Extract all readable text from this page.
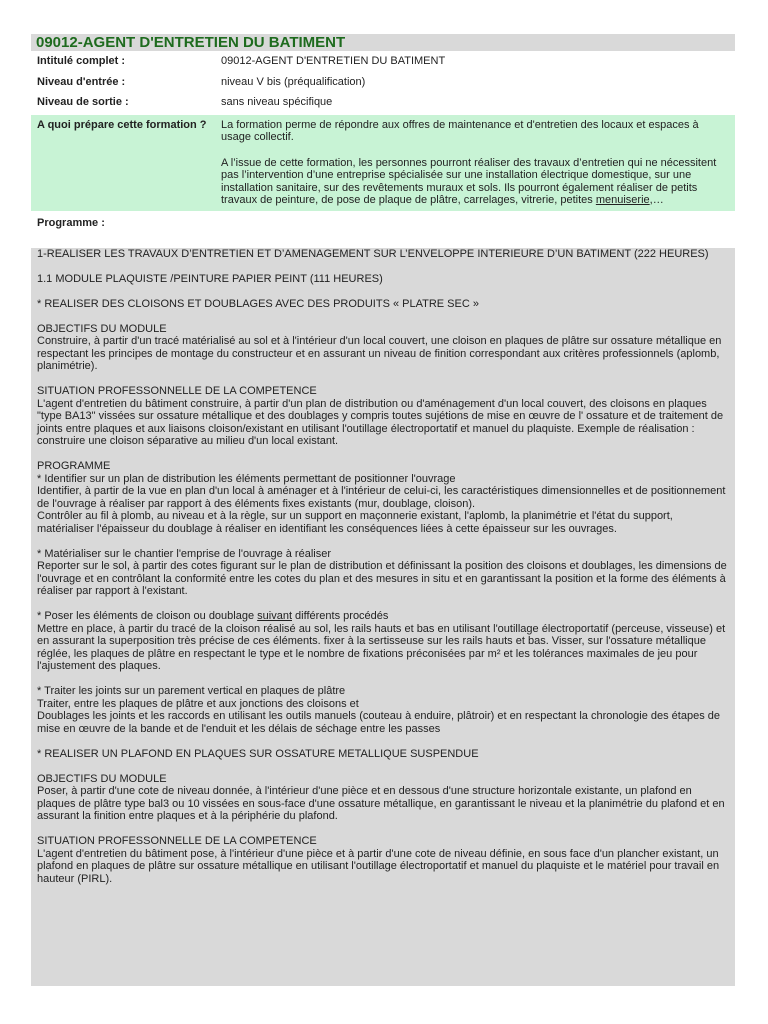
09012-AGENT D'ENTRETIEN DU BATIMENT
Intitulé complet :	09012-AGENT D'ENTRETIEN DU BATIMENT
Niveau d'entrée :	niveau V bis (préqualification)
Niveau de sortie :	sans niveau spécifique
A quoi prépare cette formation ?	La formation perme de répondre aux offres de maintenance et d'entretien des locaux et espaces à usage collectif.

A l’issue de cette formation, les personnes pourront réaliser des travaux d’entretien qui ne nécessitent pas l’intervention d’une entreprise spécialisée sur une installation électrique domestique, sur une installation sanitaire, sur des revêtements muraux et sols. Ils pourront également réaliser de petits travaux de peinture, de pose de plaque de plâtre, carrelages, vitrerie, petites menuiserie,…

Programme :

1-REALISER LES TRAVAUX D’ENTRETIEN ET D’AMENAGEMENT SUR L’ENVELOPPE INTERIEURE D’UN BATIMENT (222 HEURES)

1.1 MODULE PLAQUISTE /PEINTURE PAPIER PEINT (111 HEURES)

* REALISER DES CLOISONS ET DOUBLAGES AVEC DES PRODUITS « PLATRE SEC »

OBJECTIFS DU MODULE
Construire, à partir d'un tracé matérialisé au sol et à l'intérieur d'un local couvert, une cloison en plaques de plâtre sur ossature métallique en respectant les principes de montage du constructeur et en assurant un niveau de finition correspondant aux critères professionnels (aplomb, planimétrie).

SITUATION PROFESSONNELLE DE LA COMPETENCE
L'agent d'entretien du bâtiment construire, à partir d'un plan de distribution ou d'aménagement d'un local couvert, des cloisons en plaques "type BA13" vissées sur ossature métallique et des doublages y compris toutes sujétions de mise en œuvre de l' ossature et de traitement de joints entre plaques et aux liaisons cloison/existant en utilisant l'outillage électroportatif et manuel du plaquiste. Exemple de réalisation : construire une cloison séparative au milieu d'un local existant.

PROGRAMME
* Identifier sur un plan de distribution les éléments permettant de positionner l'ouvrage
Identifier, à partir de la vue en plan d'un local à aménager et à l'intérieur de celui-ci, les caractéristiques dimensionnelles et de positionnement de l'ouvrage à réaliser par rapport à des éléments fixes existants (mur, doublage, cloison).
Contrôler au fil à plomb, au niveau et à la règle, sur un support en maçonnerie existant, l'aplomb, la planimétrie et l'état du support, matérialiser l'épaisseur du doublage à réaliser en identifiant les conséquences liées à cette épaisseur sur les ouvrages.

* Matérialiser sur le chantier l'emprise de l'ouvrage à réaliser
Reporter sur le sol, à partir des cotes figurant sur le plan de distribution et définissant la position des cloisons et doublages, les dimensions de l'ouvrage et en contrôlant la conformité entre les cotes du plan et des mesures in situ et en garantissant la position et la forme des éléments à réaliser par rapport à l'existant.

* Poser les éléments de cloison ou doublage suivant différents procédés
Mettre en place, à partir du tracé de la cloison réalisé au sol, les rails hauts et bas en utilisant l'outillage électroportatif (perceuse, visseuse) et en assurant la superposition très précise de ces éléments. fixer à la sertisseuse sur les rails hauts et bas. Visser, sur l'ossature métallique réglée, les plaques de plâtre en respectant le type et le nombre de fixations préconisées par m² et les tolérances maximales de jeu pour l'ajustement des plaques.

* Traiter les joints sur un parement vertical en plaques de plâtre
Traiter, entre les plaques de plâtre et aux jonctions des cloisons et
Doublages les joints et les raccords en utilisant les outils manuels (couteau à enduire, plâtroir) et en respectant la chronologie des étapes de mise en œuvre de la bande et de l'enduit et les délais de séchage entre les passes

* REALISER UN PLAFOND EN PLAQUES SUR OSSATURE METALLIQUE SUSPENDUE

OBJECTIFS DU MODULE
Poser, à partir d'une cote de niveau donnée, à l'intérieur d'une pièce et en dessous d'une structure horizontale existante, un plafond en plaques de plâtre type bal3 ou 10 vissées en sous-face d'une ossature métallique, en garantissant le niveau et la planimétrie du plafond et en assurant la finition entre plaques et à la périphérie du plafond.

SITUATION PROFESSONNELLE DE LA COMPETENCE
L'agent d'entretien du bâtiment pose, à l'intérieur d'une pièce et à partir d'une cote de niveau définie, en sous face d'un plancher existant, un plafond en plaques de plâtre sur ossature métallique en utilisant l'outillage électroportatif et manuel du plaquiste et le matériel pour travail en hauteur (PIRL).
